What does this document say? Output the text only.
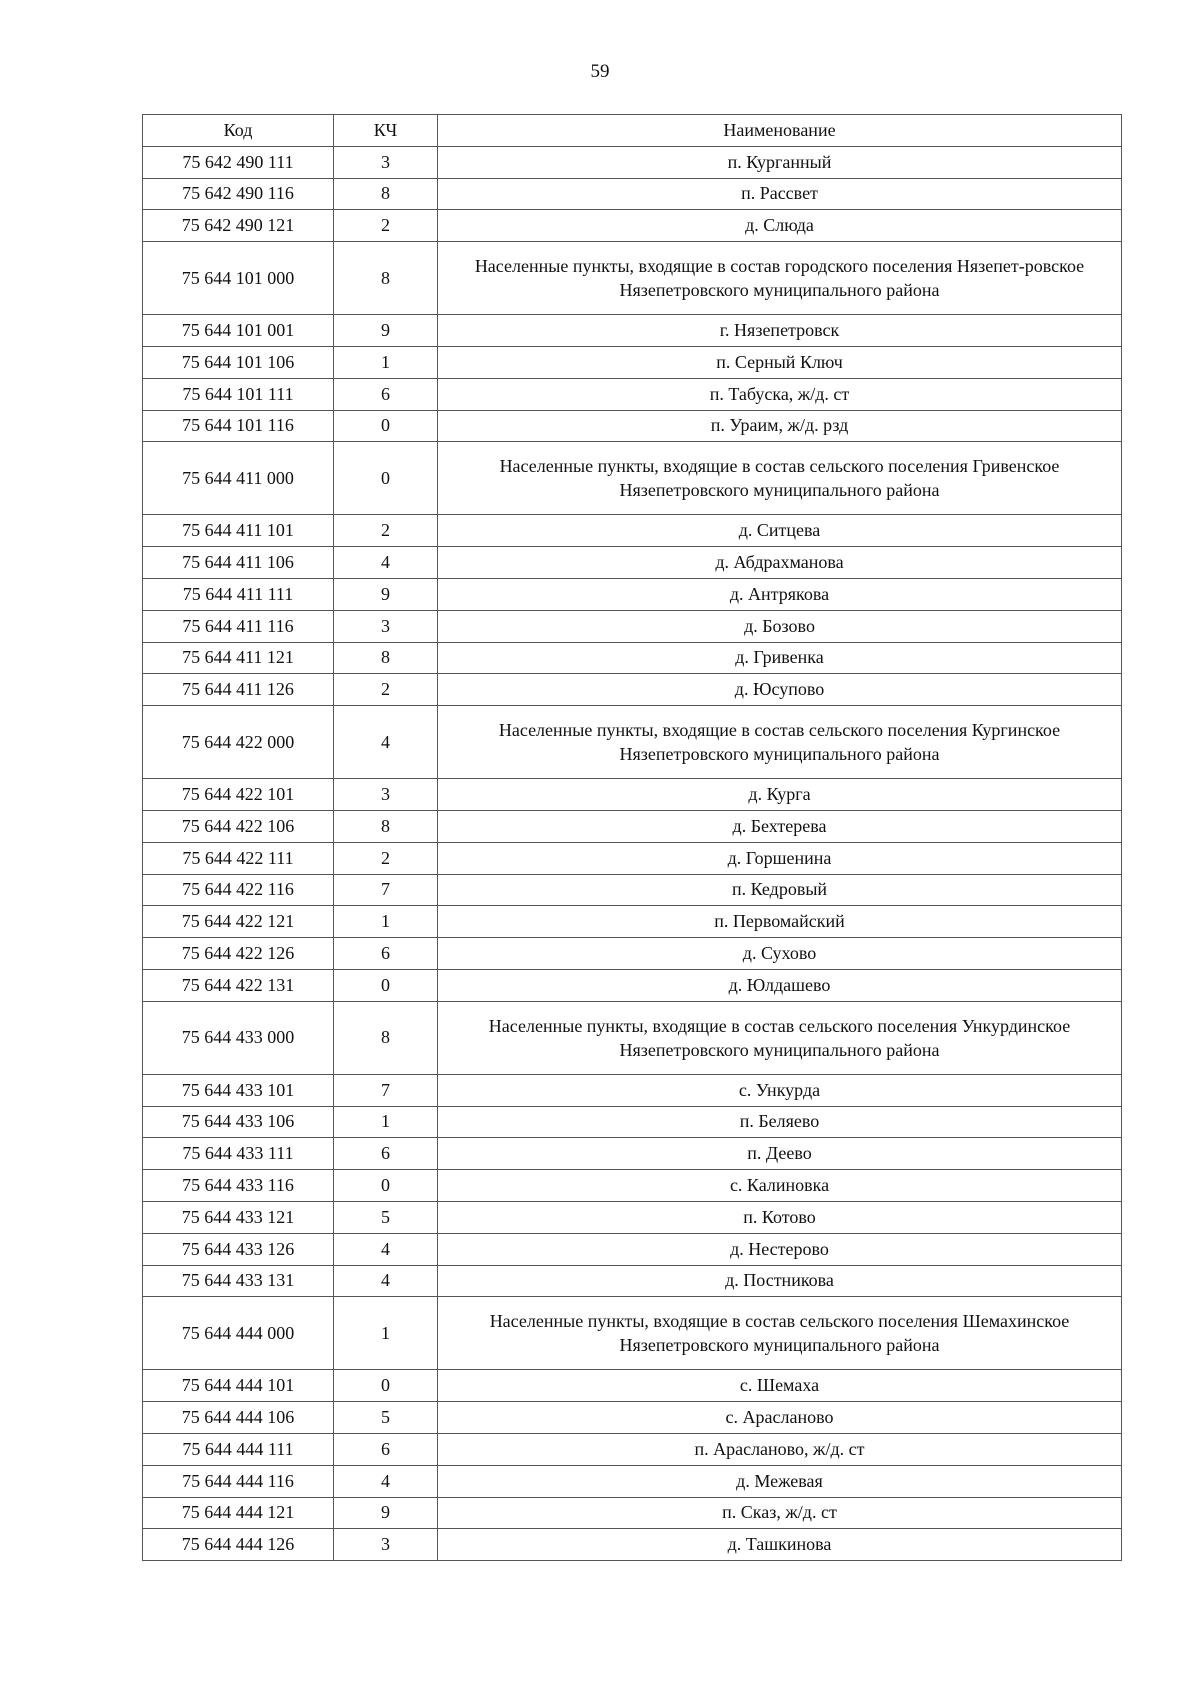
59
Код	КЧ	Наименование
75 642 490 111	3	п. Курганный
75 642 490 116	8	п. Рассвет
75 642 490 121	2	д. Слюда
75 644 101 000	8	Населенные пункты, входящие в состав городского поселения Нязепет-ровское Нязепетровского муниципального района
75 644 101 001	9	г. Нязепетровск
75 644 101 106	1	п. Серный Ключ
75 644 101 111	6	п. Табуска, ж/д. ст
75 644 101 116	0	п. Ураим, ж/д. рзд
75 644 411 000	0	Населенные пункты, входящие в состав сельского поселения Гривенское Нязепетровского муниципального района
75 644 411 101	2	д. Ситцева
75 644 411 106	4	д. Абдрахманова
75 644 411 111	9	д. Антрякова
75 644 411 116	3	д. Бозово
75 644 411 121	8	д. Гривенка
75 644 411 126	2	д. Юсупово
75 644 422 000	4	Населенные пункты, входящие в состав сельского поселения Кургинское Нязепетровского муниципального района
75 644 422 101	3	д. Курга
75 644 422 106	8	д. Бехтерева
75 644 422 111	2	д. Горшенина
75 644 422 116	7	п. Кедровый
75 644 422 121	1	п. Первомайский
75 644 422 126	6	д. Сухово
75 644 422 131	0	д. Юлдашево
75 644 433 000	8	Населенные пункты, входящие в состав сельского поселения Ункурдинское Нязепетровского муниципального района
75 644 433 101	7	с. Ункурда
75 644 433 106	1	п. Беляево
75 644 433 111	6	п. Деево
75 644 433 116	0	с. Калиновка
75 644 433 121	5	п. Котово
75 644 433 126	4	д. Нестерово
75 644 433 131	4	д. Постникова
75 644 444 000	1	Населенные пункты, входящие в состав сельского поселения Шемахинское Нязепетровского муниципального района
75 644 444 101	0	с. Шемаха
75 644 444 106	5	с. Арасланово
75 644 444 111	6	п. Арасланово, ж/д. ст
75 644 444 116	4	д. Межевая
75 644 444 121	9	п. Сказ, ж/д. ст
75 644 444 126	3	д. Ташкинова
